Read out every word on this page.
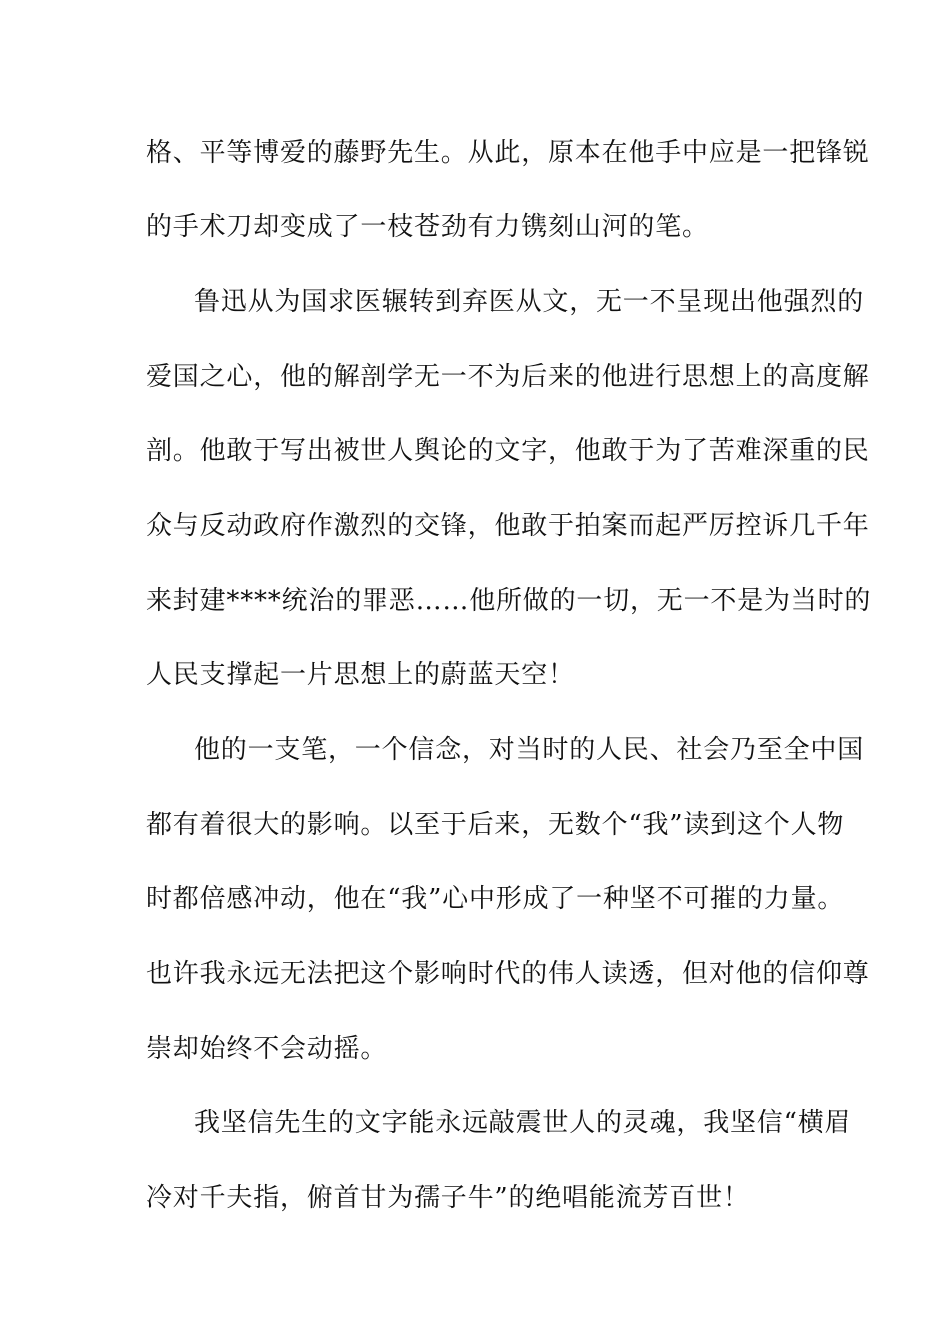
格、平等博爱的藤野先生。从此，原本在他手中应是一把锋锐
的手术刀却变成了一枝苍劲有力镌刻山河的笔。
鲁迅从为国求医辗转到弃医从文，无一不呈现出他强烈的
爱国之心，他的解剖学无一不为后来的他进行思想上的高度解
剖。他敢于写出被世人舆论的文字，他敢于为了苦难深重的民
众与反动政府作激烈的交锋，他敢于拍案而起严厉控诉几千年
来封建****统治的罪恶……他所做的一切，无一不是为当时的
人民支撑起一片思想上的蔚蓝天空！
他的一支笔，一个信念，对当时的人民、社会乃至全中国
都有着很大的影响。以至于后来，无数个“我”读到这个人物
时都倍感冲动，他在“我”心中形成了一种坚不可摧的力量。
也许我永远无法把这个影响时代的伟人读透，但对他的信仰尊
崇却始终不会动摇。
我坚信先生的文字能永远敲震世人的灵魂，我坚信“横眉
冷对千夫指，俯首甘为孺子牛”的绝唱能流芳百世！
